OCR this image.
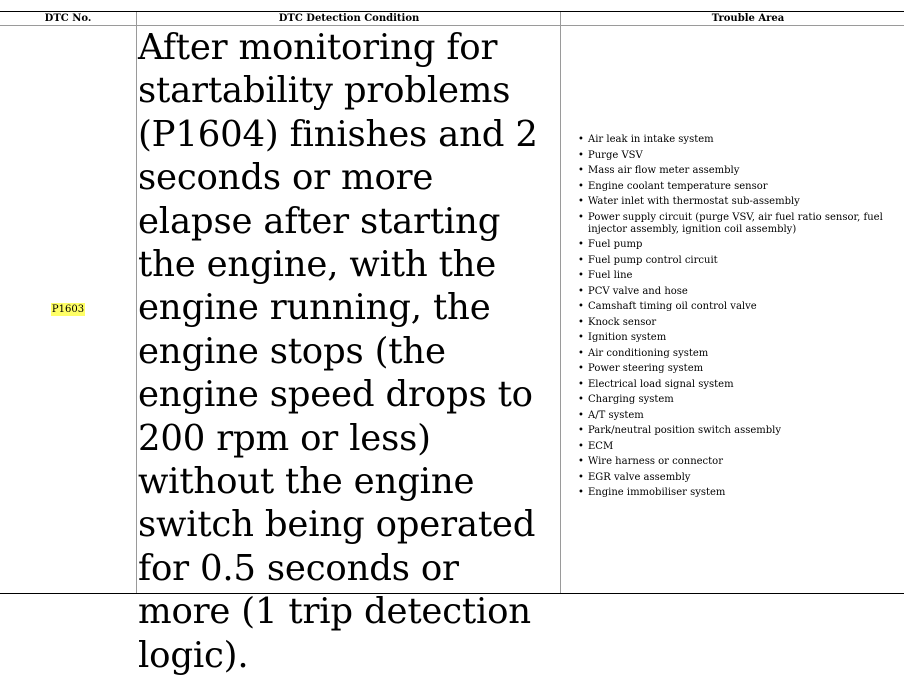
DTC No.	DTC Detection Condition	Trouble Area
P1603

After monitoring for startability problems (P1604) finishes and 2 seconds or more elapse after starting the engine, with the engine running, the engine stops (the engine speed drops to 200 rpm or less) without the engine switch being operated for 0.5 seconds or more (1 trip detection logic).

• Air leak in intake system
• Purge VSV
• Mass air flow meter assembly
• Engine coolant temperature sensor
• Water inlet with thermostat sub-assembly
• Power supply circuit (purge VSV, air fuel ratio sensor, fuel injector assembly, ignition coil assembly)
• Fuel pump
• Fuel pump control circuit
• Fuel line
• PCV valve and hose
• Camshaft timing oil control valve
• Knock sensor
• Ignition system
• Air conditioning system
• Power steering system
• Electrical load signal system
• Charging system
• A/T system
• Park/neutral position switch assembly
• ECM
• Wire harness or connector
• EGR valve assembly
• Engine immobiliser system
